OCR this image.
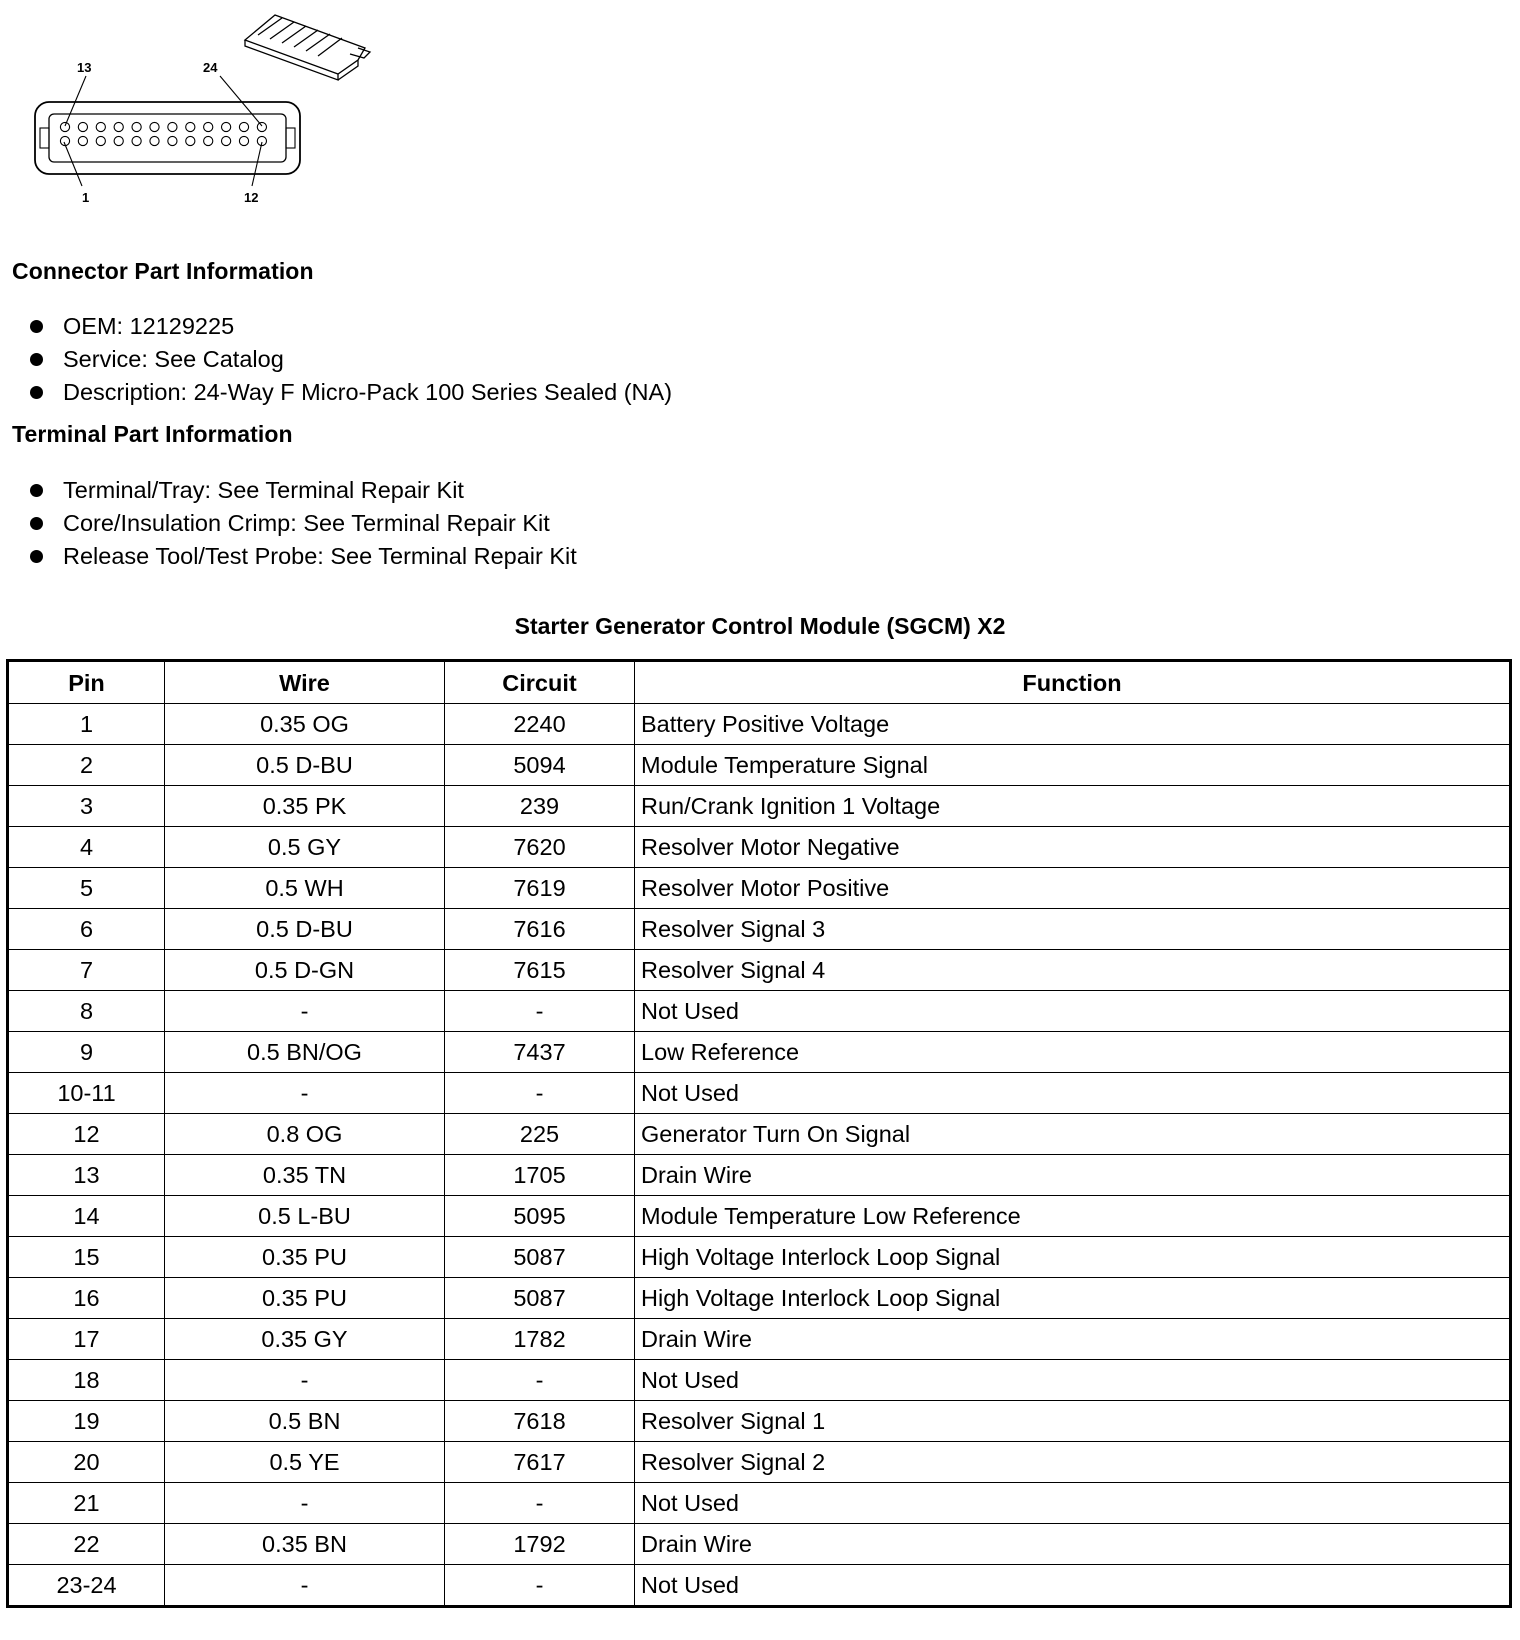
13	24
1	12
Connector Part Information
OEM: 12129225
Service: See Catalog
Description: 24-Way F Micro-Pack 100 Series Sealed (NA)
Terminal Part Information
Terminal/Tray: See Terminal Repair Kit
Core/Insulation Crimp: See Terminal Repair Kit
Release Tool/Test Probe: See Terminal Repair Kit
Starter Generator Control Module (SGCM) X2
Pin	Wire	Circuit	Function
1	0.35 OG	2240	Battery Positive Voltage
2	0.5 D-BU	5094	Module Temperature Signal
3	0.35 PK	239	Run/Crank Ignition 1 Voltage
4	0.5 GY	7620	Resolver Motor Negative
5	0.5 WH	7619	Resolver Motor Positive
6	0.5 D-BU	7616	Resolver Signal 3
7	0.5 D-GN	7615	Resolver Signal 4
8	-	-	Not Used
9	0.5 BN/OG	7437	Low Reference
10-11	-	-	Not Used
12	0.8 OG	225	Generator Turn On Signal
13	0.35 TN	1705	Drain Wire
14	0.5 L-BU	5095	Module Temperature Low Reference
15	0.35 PU	5087	High Voltage Interlock Loop Signal
16	0.35 PU	5087	High Voltage Interlock Loop Signal
17	0.35 GY	1782	Drain Wire
18	-	-	Not Used
19	0.5 BN	7618	Resolver Signal 1
20	0.5 YE	7617	Resolver Signal 2
21	-	-	Not Used
22	0.35 BN	1792	Drain Wire
23-24	-	-	Not Used
